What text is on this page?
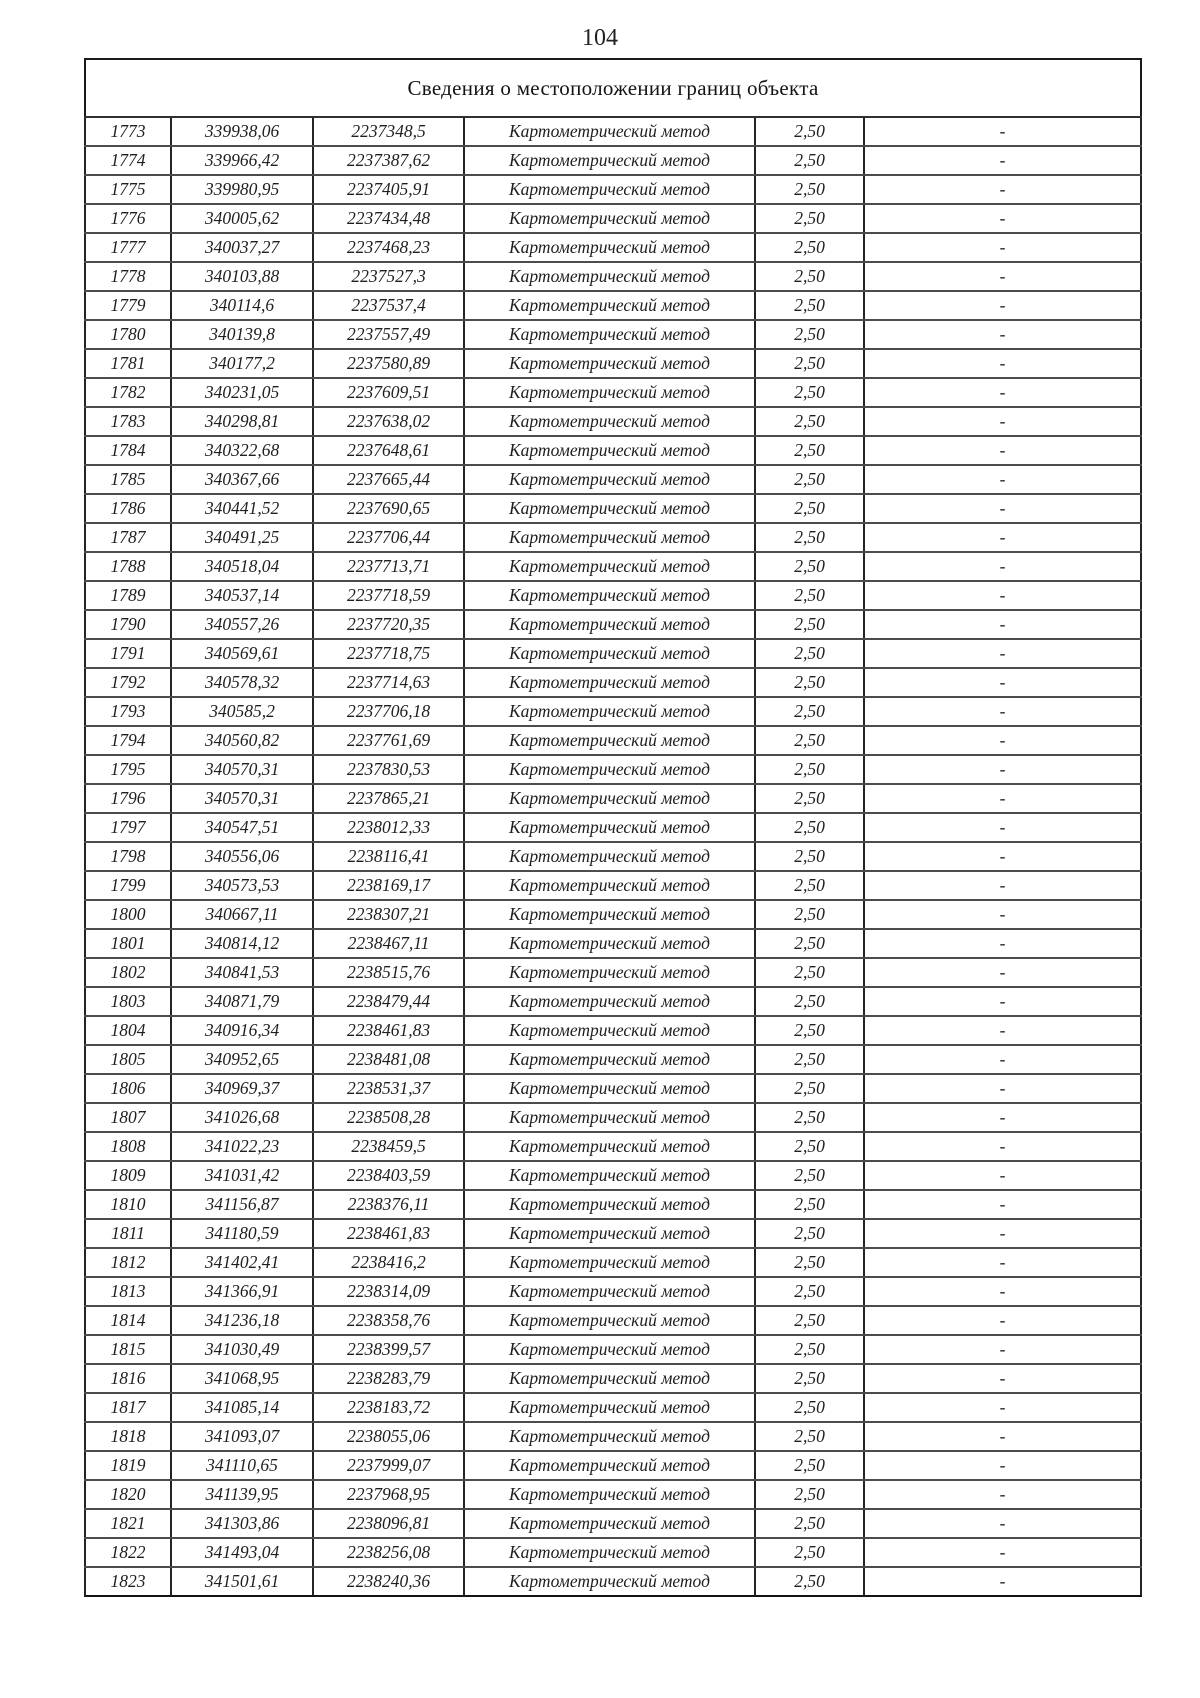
104
Сведения о местоположении границ объекта					
1773	339938,06	2237348,5	Картометрический метод	2,50	-
1774	339966,42	2237387,62	Картометрический метод	2,50	-
1775	339980,95	2237405,91	Картометрический метод	2,50	-
1776	340005,62	2237434,48	Картометрический метод	2,50	-
1777	340037,27	2237468,23	Картометрический метод	2,50	-
1778	340103,88	2237527,3	Картометрический метод	2,50	-
1779	340114,6	2237537,4	Картометрический метод	2,50	-
1780	340139,8	2237557,49	Картометрический метод	2,50	-
1781	340177,2	2237580,89	Картометрический метод	2,50	-
1782	340231,05	2237609,51	Картометрический метод	2,50	-
1783	340298,81	2237638,02	Картометрический метод	2,50	-
1784	340322,68	2237648,61	Картометрический метод	2,50	-
1785	340367,66	2237665,44	Картометрический метод	2,50	-
1786	340441,52	2237690,65	Картометрический метод	2,50	-
1787	340491,25	2237706,44	Картометрический метод	2,50	-
1788	340518,04	2237713,71	Картометрический метод	2,50	-
1789	340537,14	2237718,59	Картометрический метод	2,50	-
1790	340557,26	2237720,35	Картометрический метод	2,50	-
1791	340569,61	2237718,75	Картометрический метод	2,50	-
1792	340578,32	2237714,63	Картометрический метод	2,50	-
1793	340585,2	2237706,18	Картометрический метод	2,50	-
1794	340560,82	2237761,69	Картометрический метод	2,50	-
1795	340570,31	2237830,53	Картометрический метод	2,50	-
1796	340570,31	2237865,21	Картометрический метод	2,50	-
1797	340547,51	2238012,33	Картометрический метод	2,50	-
1798	340556,06	2238116,41	Картометрический метод	2,50	-
1799	340573,53	2238169,17	Картометрический метод	2,50	-
1800	340667,11	2238307,21	Картометрический метод	2,50	-
1801	340814,12	2238467,11	Картометрический метод	2,50	-
1802	340841,53	2238515,76	Картометрический метод	2,50	-
1803	340871,79	2238479,44	Картометрический метод	2,50	-
1804	340916,34	2238461,83	Картометрический метод	2,50	-
1805	340952,65	2238481,08	Картометрический метод	2,50	-
1806	340969,37	2238531,37	Картометрический метод	2,50	-
1807	341026,68	2238508,28	Картометрический метод	2,50	-
1808	341022,23	2238459,5	Картометрический метод	2,50	-
1809	341031,42	2238403,59	Картометрический метод	2,50	-
1810	341156,87	2238376,11	Картометрический метод	2,50	-
1811	341180,59	2238461,83	Картометрический метод	2,50	-
1812	341402,41	2238416,2	Картометрический метод	2,50	-
1813	341366,91	2238314,09	Картометрический метод	2,50	-
1814	341236,18	2238358,76	Картометрический метод	2,50	-
1815	341030,49	2238399,57	Картометрический метод	2,50	-
1816	341068,95	2238283,79	Картометрический метод	2,50	-
1817	341085,14	2238183,72	Картометрический метод	2,50	-
1818	341093,07	2238055,06	Картометрический метод	2,50	-
1819	341110,65	2237999,07	Картометрический метод	2,50	-
1820	341139,95	2237968,95	Картометрический метод	2,50	-
1821	341303,86	2238096,81	Картометрический метод	2,50	-
1822	341493,04	2238256,08	Картометрический метод	2,50	-
1823	341501,61	2238240,36	Картометрический метод	2,50	-
